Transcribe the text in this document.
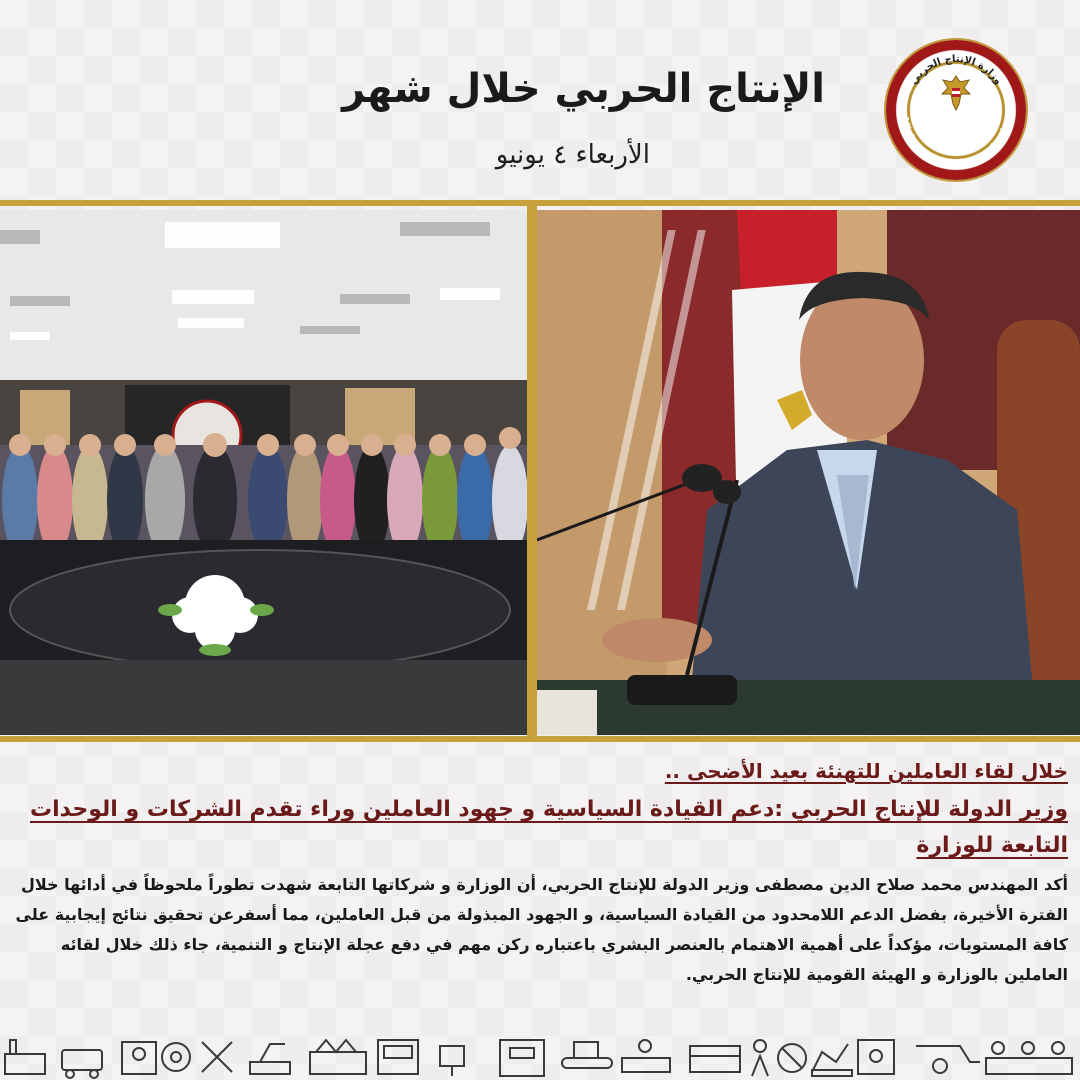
وزارة الإنتاج الحربي
Ministry of Military Production
الإنتاج الحربي خلال شهر
الأربعاء ٤ يونيو

خلال لقاء العاملين للتهنئة بعيد الأضحى ..

وزير الدولة للإنتاج الحربي :دعم القيادة السياسية و جهود العاملين وراء تقدم الشركات و الوحدات التابعة للوزارة

أكد المهندس محمد صلاح الدين مصطفى وزير الدولة للإنتاج الحربي، أن الوزارة و شركاتها التابعة شهدت تطوراً ملحوظاً في أدائها خلال الفترة الأخيرة، بفضل الدعم اللامحدود من القيادة السياسية، و الجهود المبذولة من قبل العاملين، مما أسفرعن تحقيق نتائج إيجابية على كافة المستويات، مؤكداً على أهمية الاهتمام بالعنصر البشري باعتباره ركن مهم في دفع عجلة الإنتاج و التنمية، جاء ذلك خلال لقائه العاملين بالوزارة و الهيئة القومية للإنتاج الحربي.
